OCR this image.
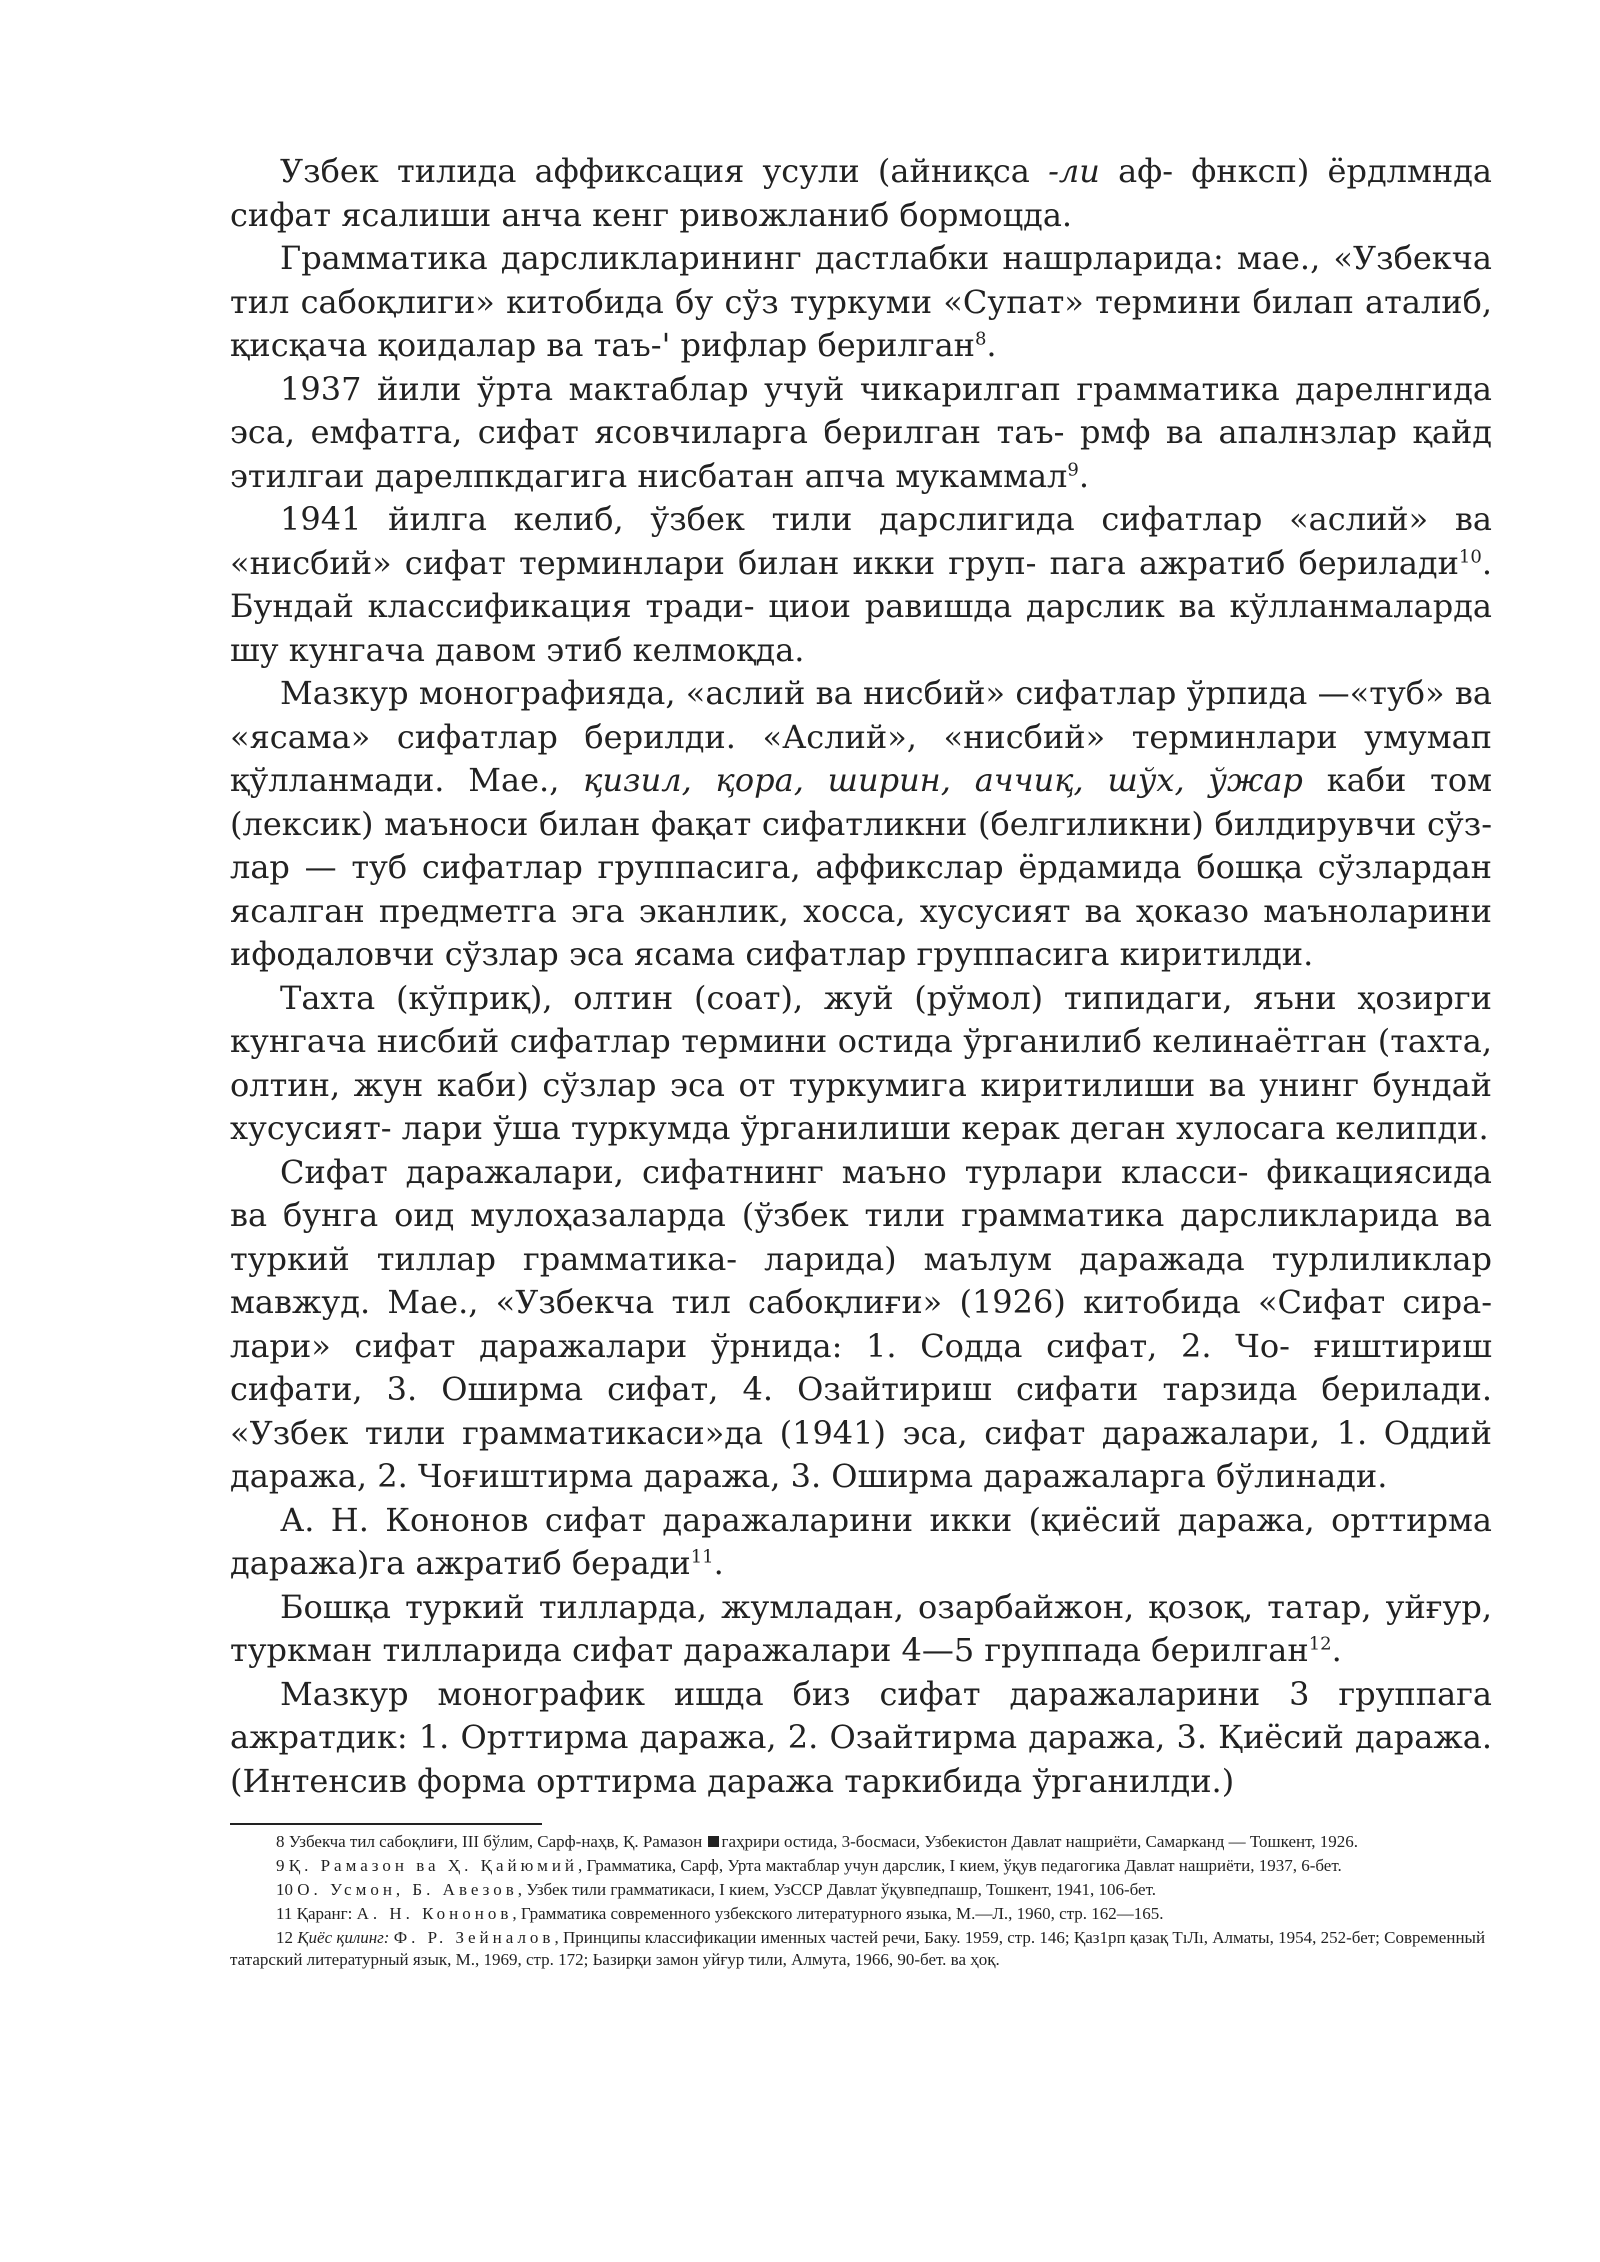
Узбек тилида аффиксация усули (айниқса -ли аф- фнксп) ёрдлмнда сифат ясалиши анча кенг ривожланиб бормоцда.

Грамматика дарсликларининг дастлабки нашрларида: мае., «Узбекча тил сабоқлиги» китобида бу сўз туркуми «Супат» термини билап аталиб, қисқача қоидалар ва таъ-' рифлар берилган$^8$.

1937 йили ўрта мактаблар учуй чикарилгап грамматика дарелнгида эса, емфатга, сифат ясовчиларга берилган таъ- рмф ва апалнзлар қайд этилгаи дарелпкдагига нисбатан апча мукаммал$^9$.

1941 йилга келиб, ўзбек тили дарслигида сифатлар «аслий» ва «нисбий» сифат терминлари билан икки груп- пага ажратиб берилади$^{10}$. Бундай классификация тради- циои равишда дарслик ва кўлланмаларда шу кунгача давом этиб келмоқда.

Мазкур монографияда, «аслий ва нисбий» сифатлар ўрпида —«туб» ва «ясама» сифатлар берилди. «Аслий», «нисбий» терминлари умумап қўлланмади. Мае., қизил, қора, ширин, аччиқ, шўх, ўжар каби том (лексик) маъноси билан фақат сифатликни (белгиликни) билдирувчи сўз- лар — туб сифатлар группасига, аффикслар ёрдамида бошқа сўзлардан ясалган предметга эга эканлик, хосса, хусусият ва ҳоказо маъноларини ифодаловчи сўзлар эса ясама сифатлар группасига киритилди.

Тахта (кўприқ), олтин (соат), жуй (рўмол) типидаги, яъни ҳозирги кунгача нисбий сифатлар термини остида ўрганилиб келинаётган (тахта, олтин, жун каби) сўзлар эса от туркумига киритилиши ва унинг бундай хусусият- лари ўша туркумда ўрганилиши керак деган хулосага келипди.

Сифат даражалари, сифатнинг маъно турлари класси- фикациясида ва бунга оид мулоҳазаларда (ўзбек тили грамматика дарсликларида ва туркий тиллар грамматика- ларида) маълум даражада турлиликлар мавжуд. Мае., «Узбекча тил сабоқлиғи» (1926) китобида «Сифат сира- лари» сифат даражалари ўрнида: 1. Содда сифат, 2. Чо- ғиштириш сифати, 3. Оширма сифат, 4. Озайтириш сифати тарзида берилади. «Узбек тили грамматикаси»да (1941) эса, сифат даражалари, 1. Оддий даража, 2. Чоғиштирма даража, 3. Оширма даражаларга бўлинади.

А. Н. Кононов сифат даражаларини икки (қиёсий даража, орттирма даража)га ажратиб беради$^{11}$.

Бошқа туркий тилларда, жумладан, озарбайжон, қозоқ, татар, уйғур, туркман тилларида сифат даражалари 4—5 группада берилган$^{12}$.

Мазкур монографик ишда биз сифат даражаларини 3 группага ажратдик: 1. Орттирма даража, 2. Озайтирма даража, 3. Қиёсий даража. (Интенсив форма орттирма даража таркибида ўрганилди.)

8 Узбекча тил сабоқлиғи, III бўлим, Сарф-наҳв, Қ. Рамазон гаҳрири остида, 3-босмаси, Узбекистон Давлат нашриёти, Самарканд — Тошкент, 1926.

9 Қ. Рамазон ва Ҳ. Қайюмий, Грамматика, Сарф, Урта мактаблар учун дарслик, I кием, ўқув педагогика Давлат нашриёти, 1937, 6-бет.

10 О. Усмон, Б. Авезов, Узбек тили грамматикаси, I кием, УзССР Давлат ўқувпедпашр, Тошкент, 1941, 106-бет.

11 Қаранг: А. Н. Кононов, Грамматика современного узбекского литературного языка, М.—Л., 1960, стр. 162—165.

12 Қиёс қилинг: Ф. Р. Зейналов, Принципы классификации именных частей речи, Баку. 1959, стр. 146; Қаз1рп қазақ ТıЛı, Алматы, 1954, 252-бет; Современный татарский литературный язык, М., 1969, стр. 172; Ьазирқи замон уйғур тили, Алмута, 1966, 90-бет. ва ҳоқ.
